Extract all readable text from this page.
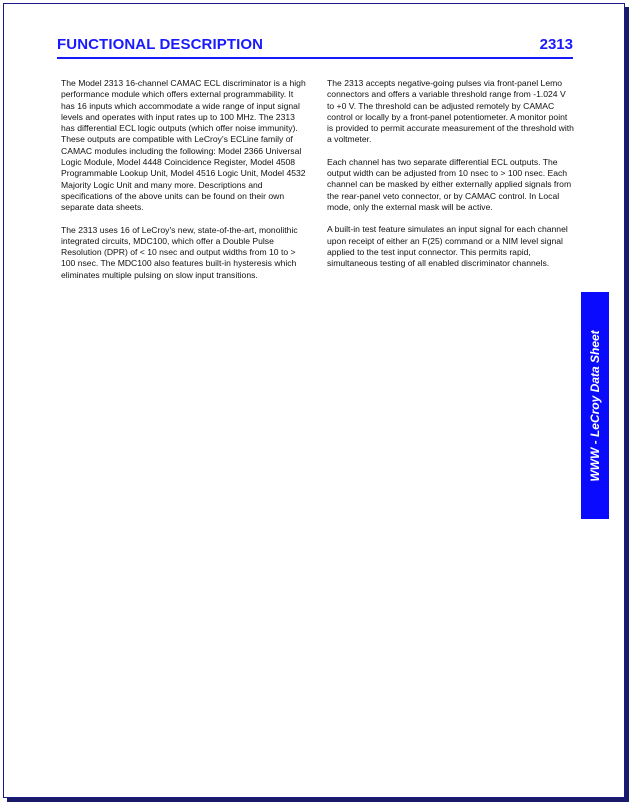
FUNCTIONAL DESCRIPTION	2313

The Model 2313 16-channel CAMAC ECL discriminator is a high performance module which offers external programmability. It has 16 inputs which accommodate a wide range of input signal levels and operates with input rates up to 100 MHz. The 2313 has differential ECL logic outputs (which offer noise immunity). These outputs are compatible with LeCroy's ECLine family of CAMAC modules including the following: Model 2366 Universal Logic Module, Model 4448 Coincidence Register, Model 4508 Programmable Lookup Unit, Model 4516 Logic Unit, Model 4532 Majority Logic Unit and many more. Descriptions and specifications of the above units can be found on their own separate data sheets.

The 2313 uses 16 of LeCroy's new, state-of-the-art, monolithic integrated circuits, MDC100, which offer a Double Pulse Resolution (DPR) of < 10 nsec and output widths from 10 to > 100 nsec. The MDC100 also features built-in hysteresis which eliminates multiple pulsing on slow input transitions.

The 2313 accepts negative-going pulses via front-panel Lemo connectors and offers a variable threshold range from -1.024 V to +0 V. The threshold can be adjusted remotely by CAMAC control or locally by a front-panel potentiometer. A monitor point is provided to permit accurate measurement of the threshold with a voltmeter.

Each channel has two separate differential ECL outputs. The output width can be adjusted from 10 nsec to > 100 nsec. Each channel can be masked by either externally applied signals from the rear-panel veto connector, or by CAMAC control. In Local mode, only the external mask will be active.

A built-in test feature simulates an input signal for each channel upon receipt of either an F(25) command or a NIM level signal applied to the test input connector. This permits rapid, simultaneous testing of all enabled discriminator channels.

WWW - LeCroy Data Sheet
